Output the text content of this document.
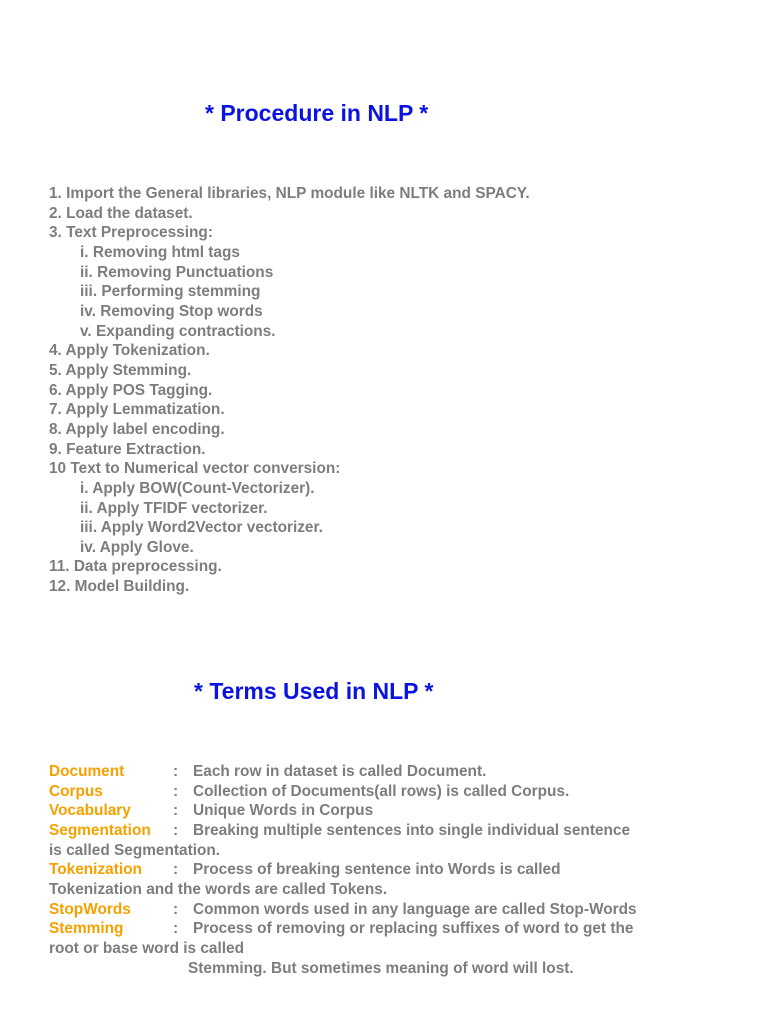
* Procedure in NLP *
1. Import the General libraries, NLP module like NLTK and SPACY.
2. Load the dataset.
3. Text Preprocessing:
i. Removing html tags
ii. Removing Punctuations
iii. Performing stemming
iv. Removing Stop words
v. Expanding contractions.
4. Apply Tokenization.
5. Apply Stemming.
6. Apply POS Tagging.
7. Apply Lemmatization.
8. Apply label encoding.
9. Feature Extraction.
10 Text to Numerical vector conversion:
i. Apply BOW(Count-Vectorizer).
ii. Apply TFIDF vectorizer.
iii. Apply Word2Vector vectorizer.
iv. Apply Glove.
11. Data preprocessing.
12. Model Building.
* Terms Used in NLP *
Document	: Each row in dataset is called Document.
Corpus	: Collection of Documents(all rows) is called Corpus.
Vocabulary	: Unique Words in Corpus
Segmentation : Breaking multiple sentences into single individual sentence
is called Segmentation.
Tokenization : Process of breaking sentence into Words is called
Tokenization and the words are called Tokens.
StopWords	: Common words used in any language are called Stop-Words
Stemming	: Process of removing or replacing suffixes of word to get the
root or base word is called
Stemming. But sometimes meaning of word will lost.
